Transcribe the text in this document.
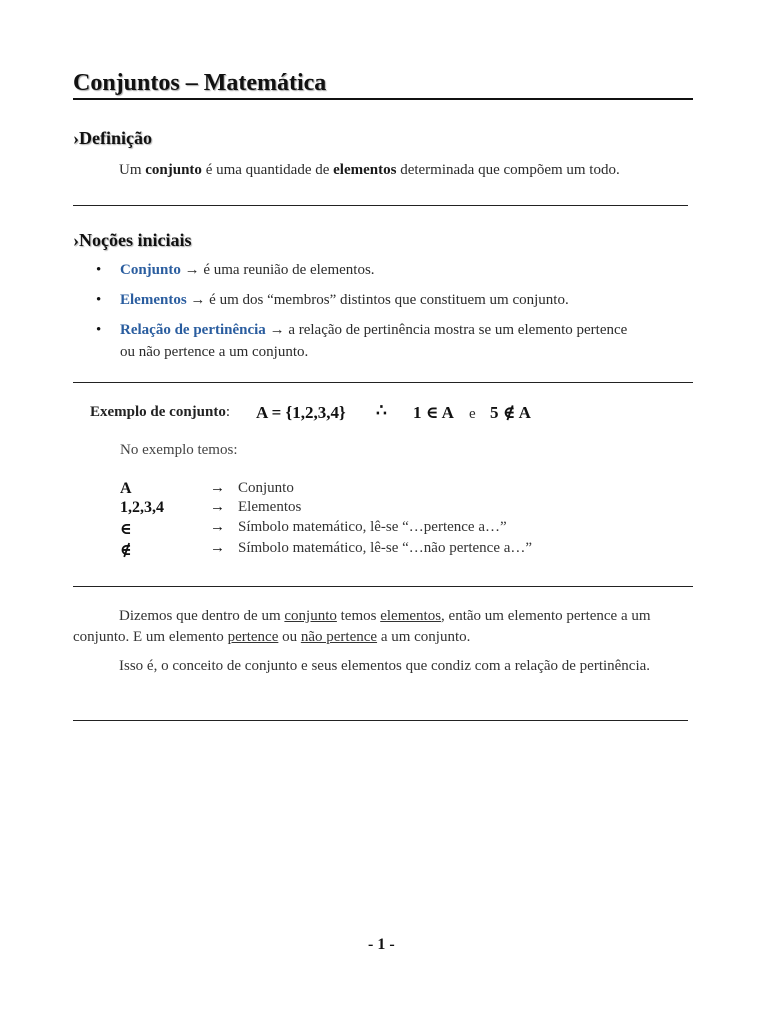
Conjuntos – Matemática
›Definição
Um conjunto é uma quantidade de elementos determinada que compõem um todo.
›Noções iniciais
• Conjunto → é uma reunião de elementos.
• Elementos → é um dos “membros” distintos que constituem um conjunto.
• Relação de pertinência → a relação de pertinência mostra se um elemento pertence
ou não pertence a um conjunto.
Exemplo de conjunto: A = {1,2,3,4} ∴ 1 ∈ A e 5 ∉ A
No exemplo temos:
A	→ Conjunto
1,2,3,4	→ Elementos
∈	→ Símbolo matemático, lê-se “…pertence a…”
∉	→ Símbolo matemático, lê-se “…não pertence a…”
Dizemos que dentro de um conjunto temos elementos, então um elemento pertence a um conjunto. E um elemento pertence ou não pertence a um conjunto.
Isso é, o conceito de conjunto e seus elementos que condiz com a relação de pertinência.
- 1 -
